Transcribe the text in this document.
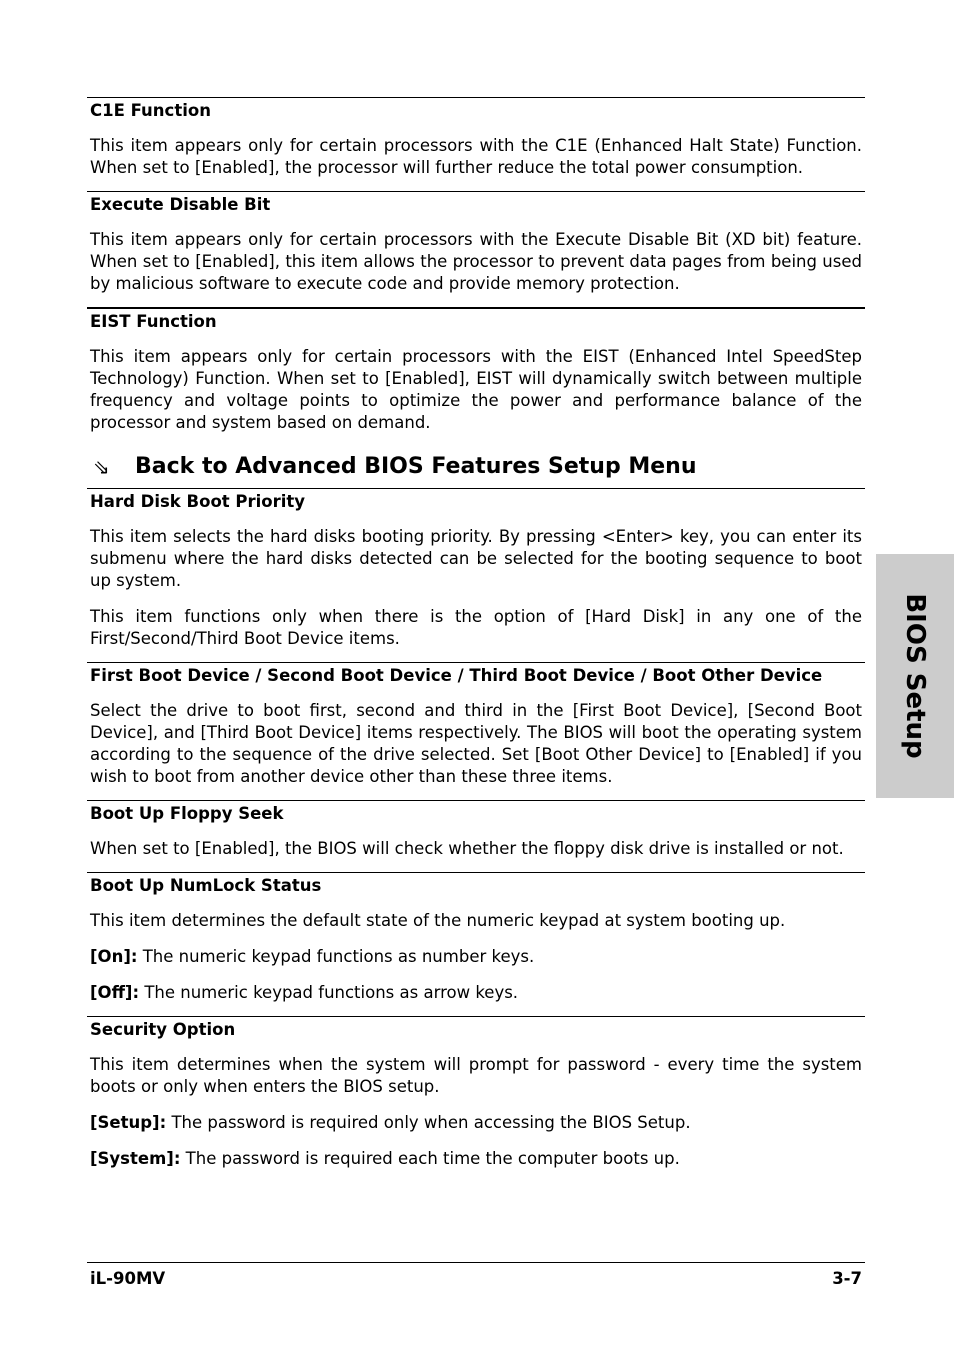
C1E Function

This item appears only for certain processors with the C1E (Enhanced Halt State) Function. When set to [Enabled], the processor will further reduce the total power consumption.

Execute Disable Bit

This item appears only for certain processors with the Execute Disable Bit (XD bit) feature. When set to [Enabled], this item allows the processor to prevent data pages from being used by malicious software to execute code and provide memory protection.

EIST Function

This item appears only for certain processors with the EIST (Enhanced Intel SpeedStep Technology) Function. When set to [Enabled], EIST will dynamically switch between multiple frequency and voltage points to optimize the power and performance balance of the processor and system based on demand.

⇘	Back to Advanced BIOS Features Setup Menu

Hard Disk Boot Priority

This item selects the hard disks booting priority. By pressing <Enter> key, you can enter its submenu where the hard disks detected can be selected for the booting sequence to boot up system.

This item functions only when there is the option of [Hard Disk] in any one of the First/Second/Third Boot Device items.

First Boot Device / Second Boot Device / Third Boot Device / Boot Other Device

Select the drive to boot first, second and third in the [First Boot Device], [Second Boot Device], and [Third Boot Device] items respectively. The BIOS will boot the operating system according to the sequence of the drive selected. Set [Boot Other Device] to [Enabled] if you wish to boot from another device other than these three items.

Boot Up Floppy Seek

When set to [Enabled], the BIOS will check whether the floppy disk drive is installed or not.

Boot Up NumLock Status

This item determines the default state of the numeric keypad at system booting up.

[On]: The numeric keypad functions as number keys.

[Off]: The numeric keypad functions as arrow keys.

Security Option

This item determines when the system will prompt for password - every time the system boots or only when enters the BIOS setup.

[Setup]: The password is required only when accessing the BIOS Setup.

[System]: The password is required each time the computer boots up.

BIOS Setup
iL-90MV	3-7
